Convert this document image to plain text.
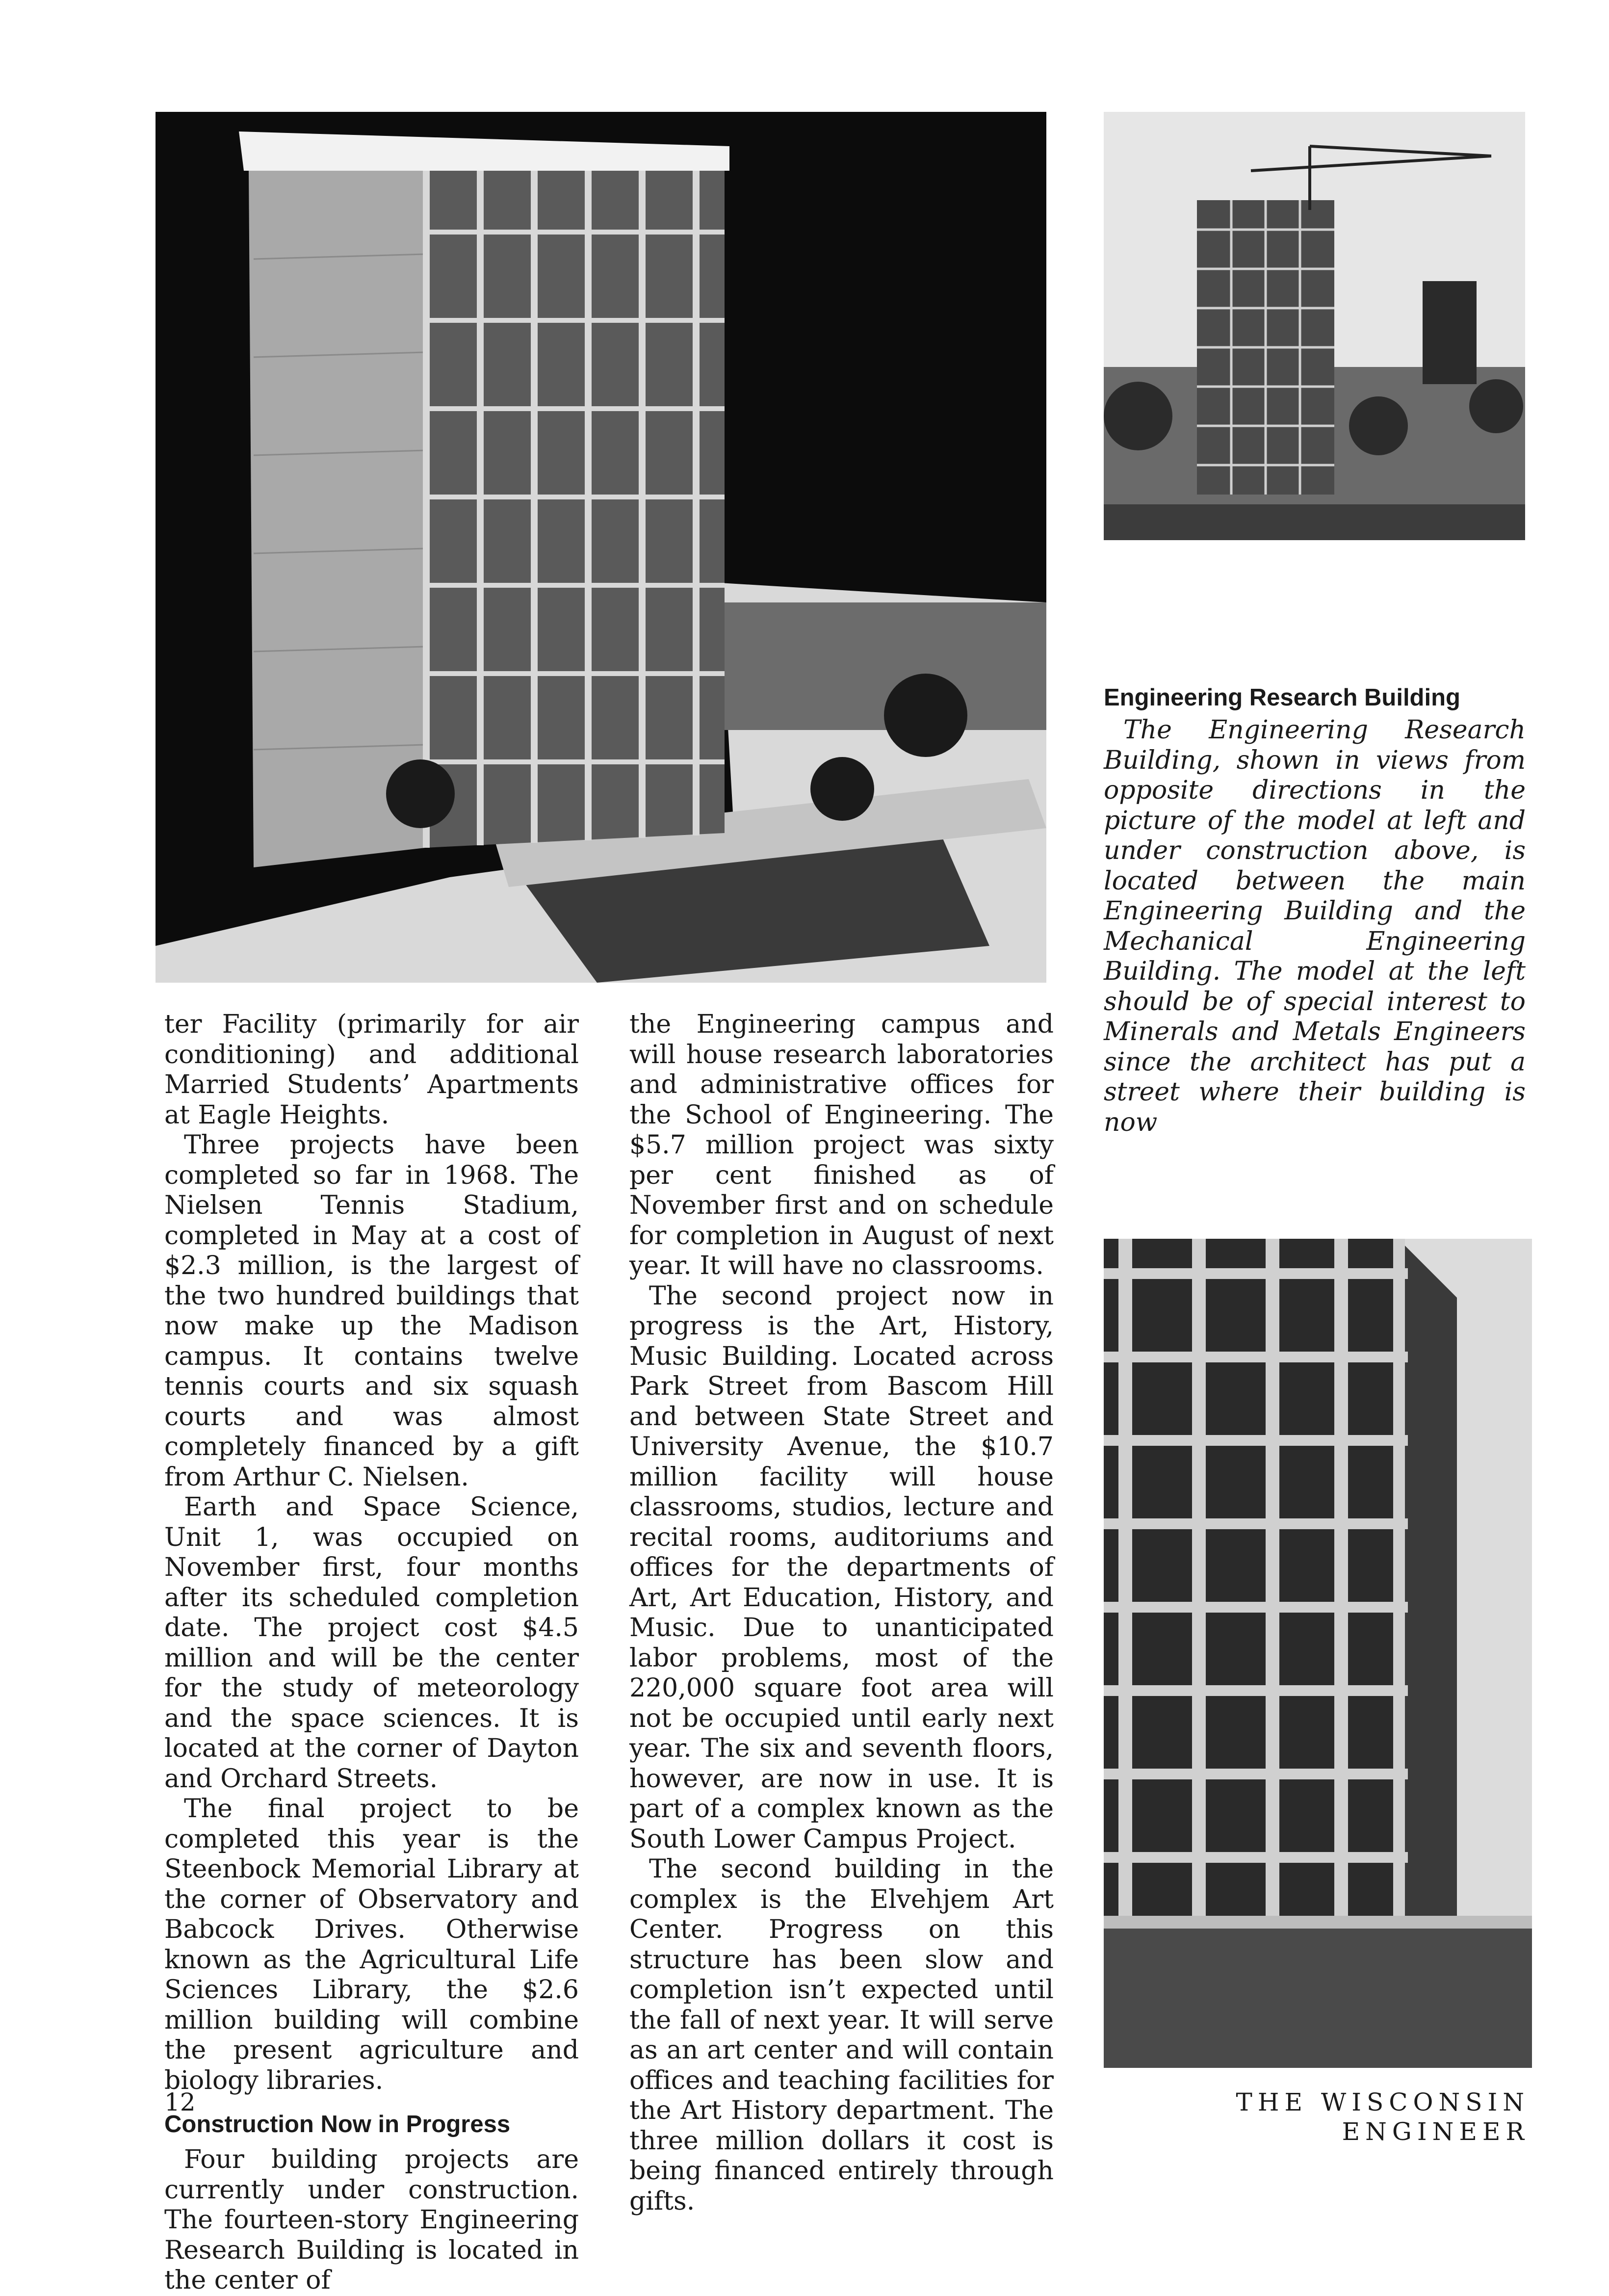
Engineering Research Building

The Engineering Research Building, shown in views from opposite directions in the picture of the model at left and under construction above, is located between the main Engineering Building and the Mechanical Engineering Building. The model at the left should be of special interest to Minerals and Metals Engineers since the architect has put a street where their building is now

ter Facility (primarily for air conditioning) and additional Married Students’ Apartments at Eagle Heights.

Three projects have been completed so far in 1968. The Nielsen Tennis Stadium, completed in May at a cost of $2.3 million, is the largest of the two hundred buildings that now make up the Madison campus. It contains twelve tennis courts and six squash courts and was almost completely financed by a gift from Arthur C. Nielsen.

Earth and Space Science, Unit 1, was occupied on November first, four months after its scheduled completion date. The project cost $4.5 million and will be the center for the study of meteorology and the space sciences. It is located at the corner of Dayton and Orchard Streets.

The final project to be completed this year is the Steenbock Memorial Library at the corner of Observatory and Babcock Drives. Otherwise known as the Agricultural Life Sciences Library, the $2.6 million building will combine the present agriculture and biology libraries.

Construction Now in Progress

Four building projects are currently under construction. The fourteen-story Engineering Research Building is located in the center of

the Engineering campus and will house research laboratories and administrative offices for the School of Engineering. The $5.7 million project was sixty per cent finished as of November first and on schedule for completion in August of next year. It will have no classrooms.

The second project now in progress is the Art, History, Music Building. Located across Park Street from Bascom Hill and between State Street and University Avenue, the $10.7 million facility will house classrooms, studios, lecture and recital rooms, auditoriums and offices for the departments of Art, Art Education, History, and Music. Due to unanticipated labor problems, most of the 220,000 square foot area will not be occupied until early next year. The six and seventh floors, however, are now in use. It is part of a complex known as the South Lower Campus Project.

The second building in the complex is the Elvehjem Art Center. Progress on this structure has been slow and completion isn’t expected until the fall of next year. It will serve as an art center and will contain offices and teaching facilities for the Art History department. The three million dollars it cost is being financed entirely through gifts.

12	THE WISCONSIN ENGINEER
